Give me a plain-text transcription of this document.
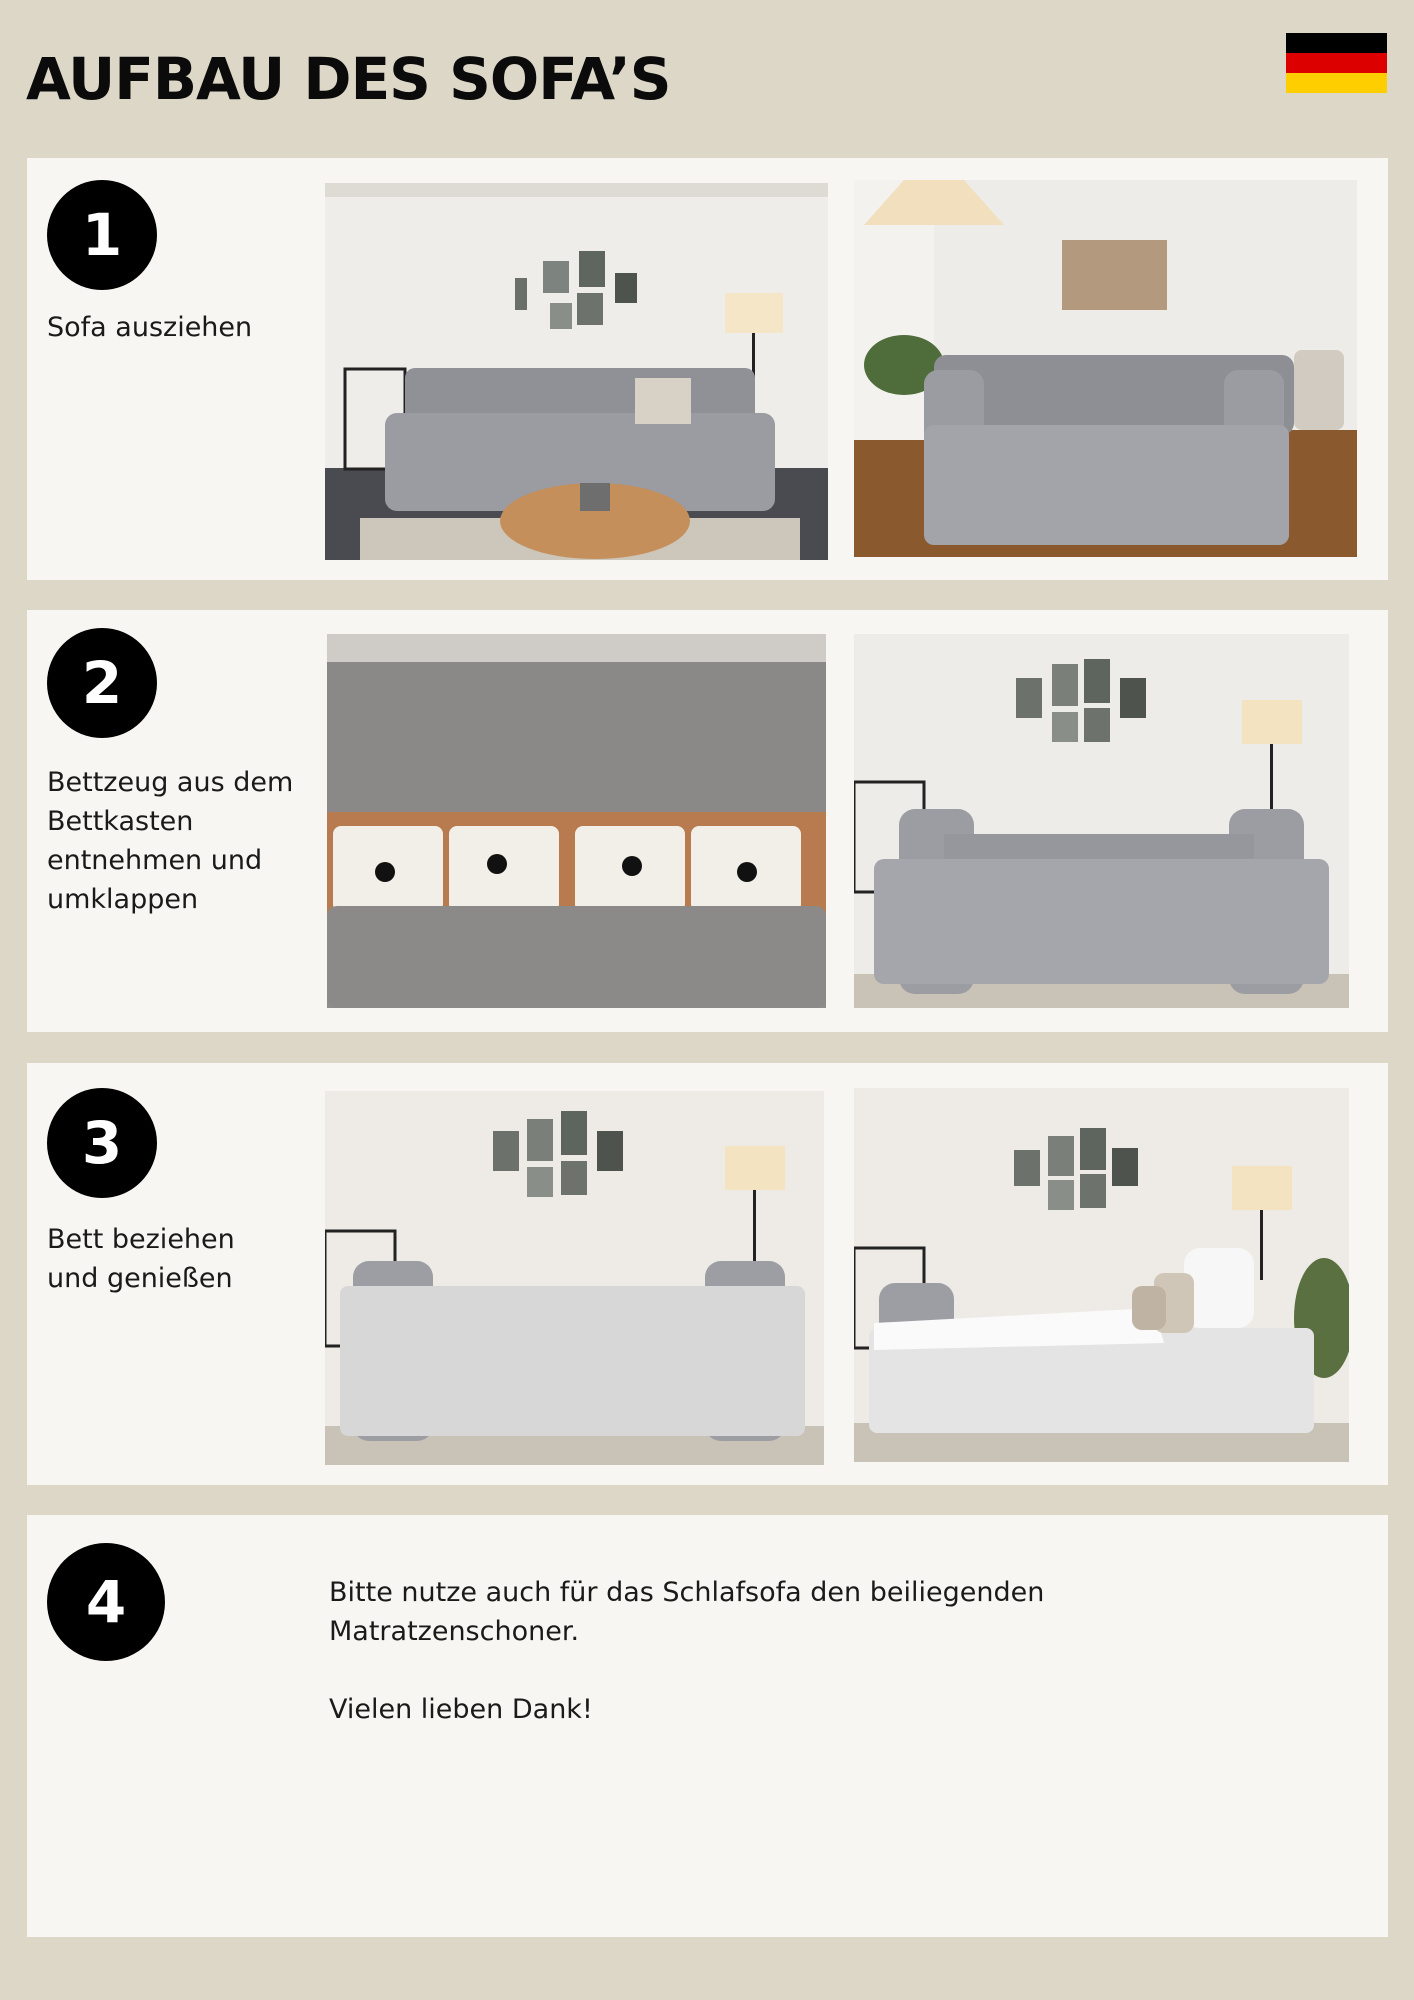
AUFBAU DES SOFA’S
1

Sofa ausziehen

2

Bettzeug aus dem
Bettkasten
entnehmen und
umklappen

3

Bett beziehen
und genießen

4	Bitte nutze auch für das Schlafsofa den beiliegenden
Matratzenschoner.

Vielen lieben Dank!
